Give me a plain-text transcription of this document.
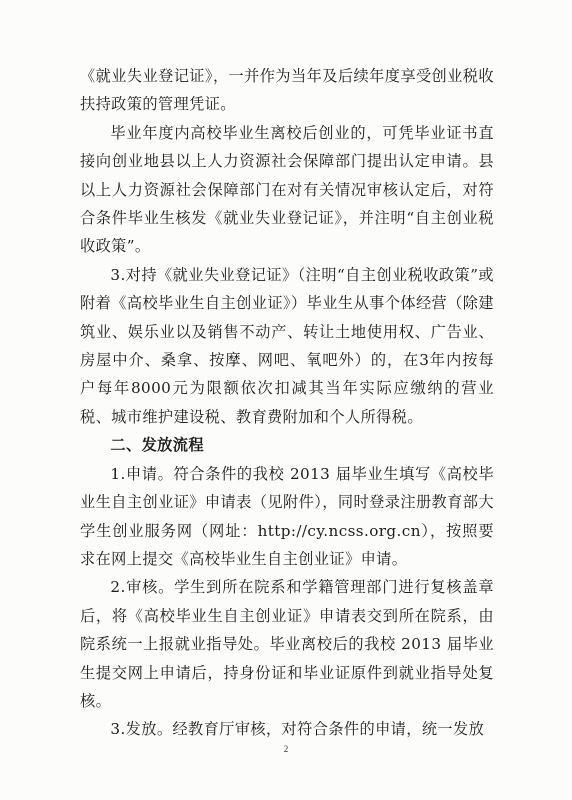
《就业失业登记证》，一并作为当年及后续年度享受创业税收扶持政策的管理凭证。

毕业年度内高校毕业生离校后创业的，可凭毕业证书直接向创业地县以上人力资源社会保障部门提出认定申请。县以上人力资源社会保障部门在对有关情况审核认定后，对符合条件毕业生核发《就业失业登记证》，并注明“自主创业税收政策”。

3.对持《就业失业登记证》（注明“自主创业税收政策”或附着《高校毕业生自主创业证》）毕业生从事个体经营（除建筑业、娱乐业以及销售不动产、转让土地使用权、广告业、房屋中介、桑拿、按摩、网吧、氧吧外）的，在3年内按每户每年8000元为限额依次扣减其当年实际应缴纳的营业税、城市维护建设税、教育费附加和个人所得税。

二、发放流程

1.申请。符合条件的我校 2013 届毕业生填写《高校毕业生自主创业证》申请表（见附件），同时登录注册教育部大学生创业服务网（网址：http://cy.ncss.org.cn），按照要求在网上提交《高校毕业生自主创业证》申请。

2.审核。学生到所在院系和学籍管理部门进行复核盖章后，将《高校毕业生自主创业证》申请表交到所在院系，由院系统一上报就业指导处。毕业离校后的我校 2013 届毕业生提交网上申请后，持身份证和毕业证原件到就业指导处复核。

3.发放。经教育厅审核，对符合条件的申请，统一发放

2
